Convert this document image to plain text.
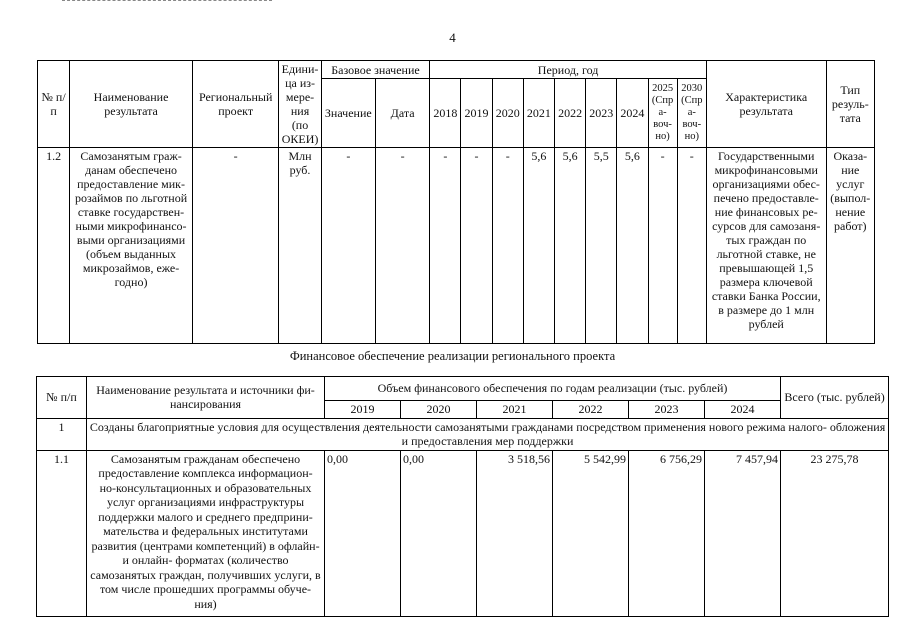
4
№ п/п	Наименование результата	Региональный проект	Едини- ца из- мере- ния (по ОКЕИ)	Базовое значение		Период, год									Характеристика результата	Тип резуль- тата
				Значение	Дата	2018	2019	2020	2021	2022	2023	2024	2025 (Спра- воч- но)	2030 (Спра- воч- но)		
1.2	Самозанятым граж- данам обеспечено предоставление мик- розаймов по льготной ставке государствен- ными микрофинансо- выми организациями (объем выданных микрозаймов, еже- годно)	-	Млн руб.	-	-	-	-	-	5,6	5,6	5,5	5,6	-	-	Государственными микрофинансовыми организациями обес- печено предоставле- ние финансовых ре- сурсов для самозаня- тых граждан по льготной ставке, не превышающей 1,5 размера ключевой ставки Банка России, в размере до 1 млн рублей	Оказа- ние услуг (выпол- нение работ)
Финансовое обеспечение реализации регионального проекта
№ п/п	Наименование результата и источники фи- нансирования	Объем финансового обеспечения по годам реализации (тыс. рублей)						Всего (тыс. рублей)
		2019	2020	2021	2022	2023	2024	
1	Созданы благоприятные условия для осуществления деятельности самозанятыми гражданами посредством применения нового режима налого- обложения и предоставления мер поддержки							
1.1	Самозанятым гражданам обеспечено предоставление комплекса информацион- но-консультационных и образовательных услуг организациями инфраструктуры поддержки малого и среднего предприни- мательства и федеральных институтами развития (центрами компетенций) в офлайн- и онлайн- форматах (количество самозанятых граждан, получивших услуги, в том числе прошедших программы обуче- ния)	0,00	0,00	3 518,56	5 542,99	6 756,29	7 457,94	23 275,78
